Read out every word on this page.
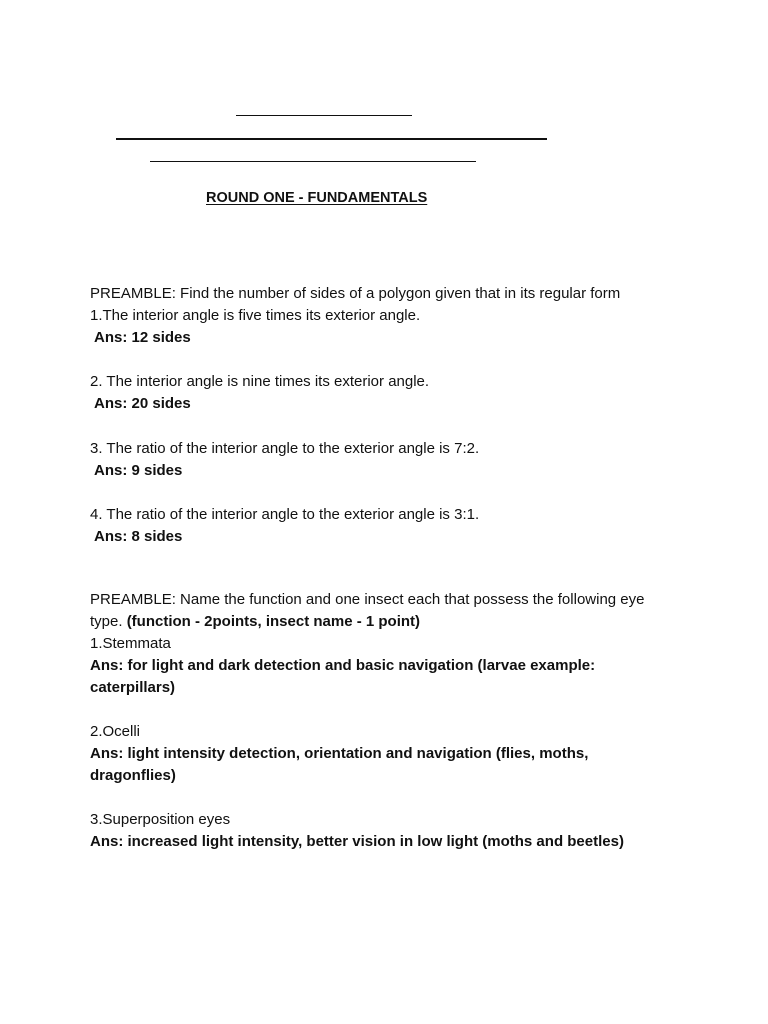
ROUND ONE - FUNDAMENTALS
PREAMBLE: Find the number of sides of a polygon given that in its regular form
1.The interior angle is five times its exterior angle.
Ans: 12 sides
2. The interior angle is nine times its exterior angle.
Ans: 20 sides
3. The ratio of the interior angle to the exterior angle is 7:2.
Ans: 9 sides
4. The ratio of the interior angle to the exterior angle is 3:1.
Ans: 8 sides
PREAMBLE: Name the function and one insect each that possess the following eye
type. (function - 2points, insect name - 1 point)
1.Stemmata
Ans: for light and dark detection and basic navigation (larvae example:
caterpillars)
2.Ocelli
Ans: light intensity detection, orientation and navigation (flies, moths,
dragonflies)
3.Superposition eyes
Ans: increased light intensity, better vision in low light (moths and beetles)
